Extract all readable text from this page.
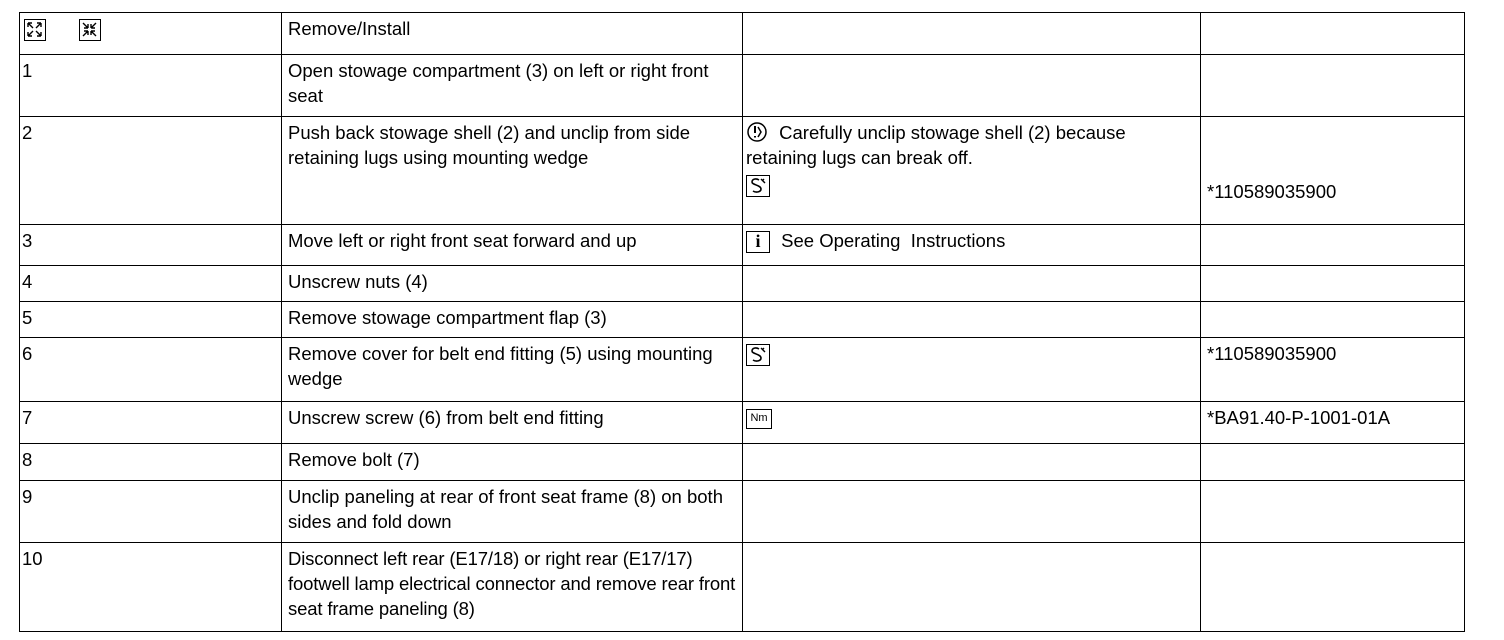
	Remove/Install		
1	Open stowage compartment (3) on left or right front seat		
2	Push back stowage shell (2) and unclip from side retaining lugs using mounting wedge	Carefully unclip stowage shell (2) because retaining lugs can break off.	*110589035900
3	Move left or right front seat forward and up	i See Operating  Instructions	
4	Unscrew nuts (4)		
5	Remove stowage compartment flap (3)		
6	Remove cover for belt end fitting (5) using mounting wedge		*110589035900
7	Unscrew screw (6) from belt end fitting	Nm	*BA91.40-P-1001-01A
8	Remove bolt (7)		
9	Unclip paneling at rear of front seat frame (8) on both sides and fold down		
10	Disconnect left rear (E17/18) or right rear (E17/17) footwell lamp electrical connector and remove rear front seat frame paneling (8)		
